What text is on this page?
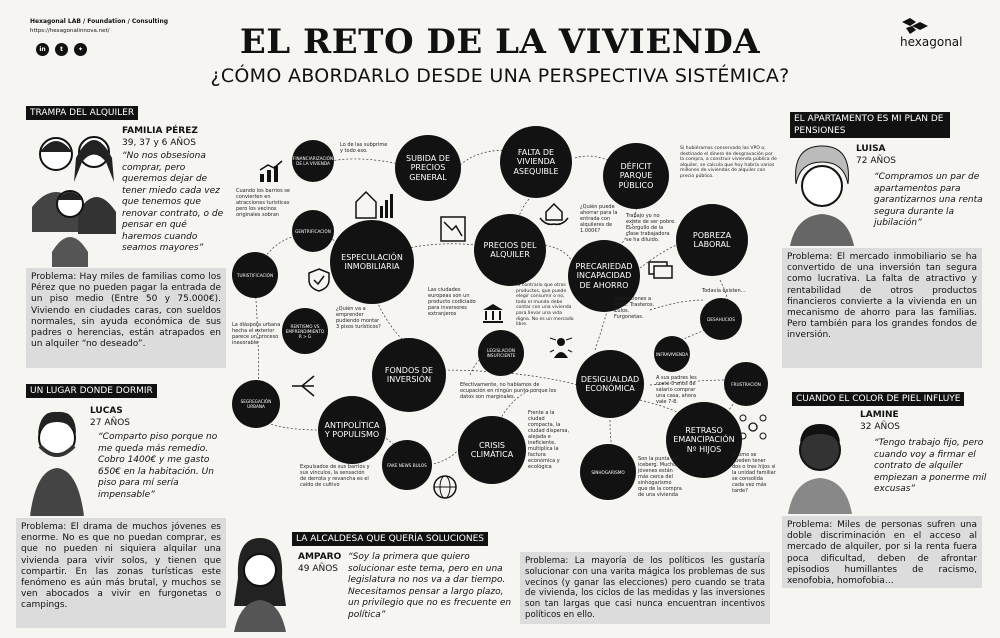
Hexagonal LAB / Foundation / Consulting
https://hexagonalinnova.net/
in	t	✦	EL RETO DE LA VIVIENDA
¿CÓMO ABORDARLO DESDE UNA PERSPECTIVA SISTÉMICA?
hexagonal
TRAMPA DEL ALQUILER
FAMILIA PÉREZ
39, 37 y 6 AÑOS
“No nos obsesiona comprar, pero queremos dejar de tener miedo cada vez que tenemos que renovar contrato, o de pensar en qué haremos cuando seamos mayores”
Problema: Hay miles de familias como los Pérez que no pueden pagar la entrada de un piso medio (Entre 50 y 75.000€). Viviendo en ciudades caras, con sueldos normales, sin ayuda económica de sus padres o herencias, están atrapados en un alquiler “no deseado”.
UN LUGAR DONDE DORMIR
LUCAS
27 AÑOS
“Comparto piso porque no me queda más remedio. Cobro 1400€ y me gasto 650€ en la habitación. Un piso para mí sería impensable”
Problema: El drama de muchos jóvenes es enorme. No es que no puedan comprar, es que no pueden ni siquiera alquilar una vivienda para vivir solos, y tienen que compartir. En las zonas turísticas este fenómeno es aún más brutal, y muchos se ven abocados a vivir en furgonetas o campings.
LA ALCALDESA QUE QUERÍA SOLUCIONES
AMPARO
49 AÑOS
“Soy la primera que quiero solucionar este tema, pero en una legislatura no nos va a dar tiempo. Necesitamos pensar a largo plazo, un privilegio que no es frecuente en política”
Problema: La mayoría de los políticos les gustaría solucionar con una varita mágica los problemas de sus vecinos (y ganar las elecciones) pero cuando se trata de vivienda, los ciclos de las medidas y las inversiones son tan largas que casi nunca encuentran incentivos políticos en ello.
EL APARTAMENTO ES MI PLAN DE PENSIONES
LUISA
72 AÑOS
“Compramos un par de apartamentos para garantizarnos una renta segura durante la jubilación”
Problema: El mercado inmobiliario se ha convertido de una inversión tan segura como lucrativa. La falta de atractivo y rentabilidad de otros productos financieros convierte a la vivienda en un mecanismo de ahorro para las familias. Pero también para los grandes fondos de inversión.
CUANDO EL COLOR DE PIEL INFLUYE
LAMINE
32 AÑOS
“Tengo trabajo fijo, pero cuando voy a firmar el contrato de alquiler empiezan a ponerme mil excusas”
Problema: Miles de personas sufren una doble discriminación en el acceso al mercado de alquiler, por si la renta fuera poca dificultad, deben de afrontar episodios humillantes de racismo, xenofobia, homofobia…
SUBIDA DE PRECIOS GENERAL
FALTA DE VIVIENDA ASEQUIBLE
DÉFICIT PARQUE PÚBLICO
ESPECULACIÓN INMOBILIARIA
PRECIOS DEL ALQUILER
PRECARIEDAD INCAPACIDAD DE AHORRO
POBREZA LABORAL
FONDOS DE INVERSIÓN	DESIGUALDAD ECONÓMICA
ANTIPOLÍTICA Y POPULISMO
CRISIS CLIMÁTICA
RETRASO EMANCIPACIÓN Nº HIJOS
FINANCIARIZACIÓN DE LA VIVIENDA
GENTRIFICACIÓN
TURISTIFICACIÓN
RENTISMO VS EMPRENDIMIENTO R > G
LEGISLACIÓN INSUFICIENTE
SEGREGACIÓN URBANA
FAKE NEWS BULOS
SINHOGARISMO
INFRAVIVIENDA
DESAHUCIOS
FRUSTRACIÓN
Lo de las subprime y todo eso.
Cuando los barrios se convierten en atracciones turísticas pero los vecinos originales sobran
Si hubiéramos conservado las VPO o, destinado el dinero de desgravación por la compra, a construir vivienda pública de alquiler, se calcula que hoy habría varios millones de viviendas de alquiler con precio público.
¿Quién puede ahorrar para la entrada con alquileres de 1.000€?
Trabajo yo no existe de ser pobre. El orgullo de la clase trabajadora se ha diluido.
¿Quién va a emprender pudiendo montar 3 pisos turísticos?
La diáspora urbana hecha el exterior parece un proceso inexorable
Las ciudades europeas son un producto codiciado para inversores extranjeros
Al contrario que otros productos, que puede elegir consumir o no, todo el mundo debe contar con una vivienda para llevar una vida digna. No es un mercado libre.
Habitaciones a 400€. Trasteros. Zulos. Furgonetas.
Todavía existen…
Efectivamente, no hablamos de ocupación en ningún punto porque los datos son marginales.
A sus padres les costó 3 años de salario comprar una casa, ahora vale 7-8.
Frente a la ciudad compacta, la ciudad dispersa, alejada e ineficiente, multiplica la factura económica y ecológica
Son la punta del iceberg. Muchos jóvenes están más cerca del sinhogarismo que de la compra de una vivienda
¿Cómo se pueden tener dos o tres hijos si la unidad familiar se consolida cada vez más tarde?
Expulsados de sus barrios y sus vínculos, la sensación de derrota y revancha es el caldo de cultivo
